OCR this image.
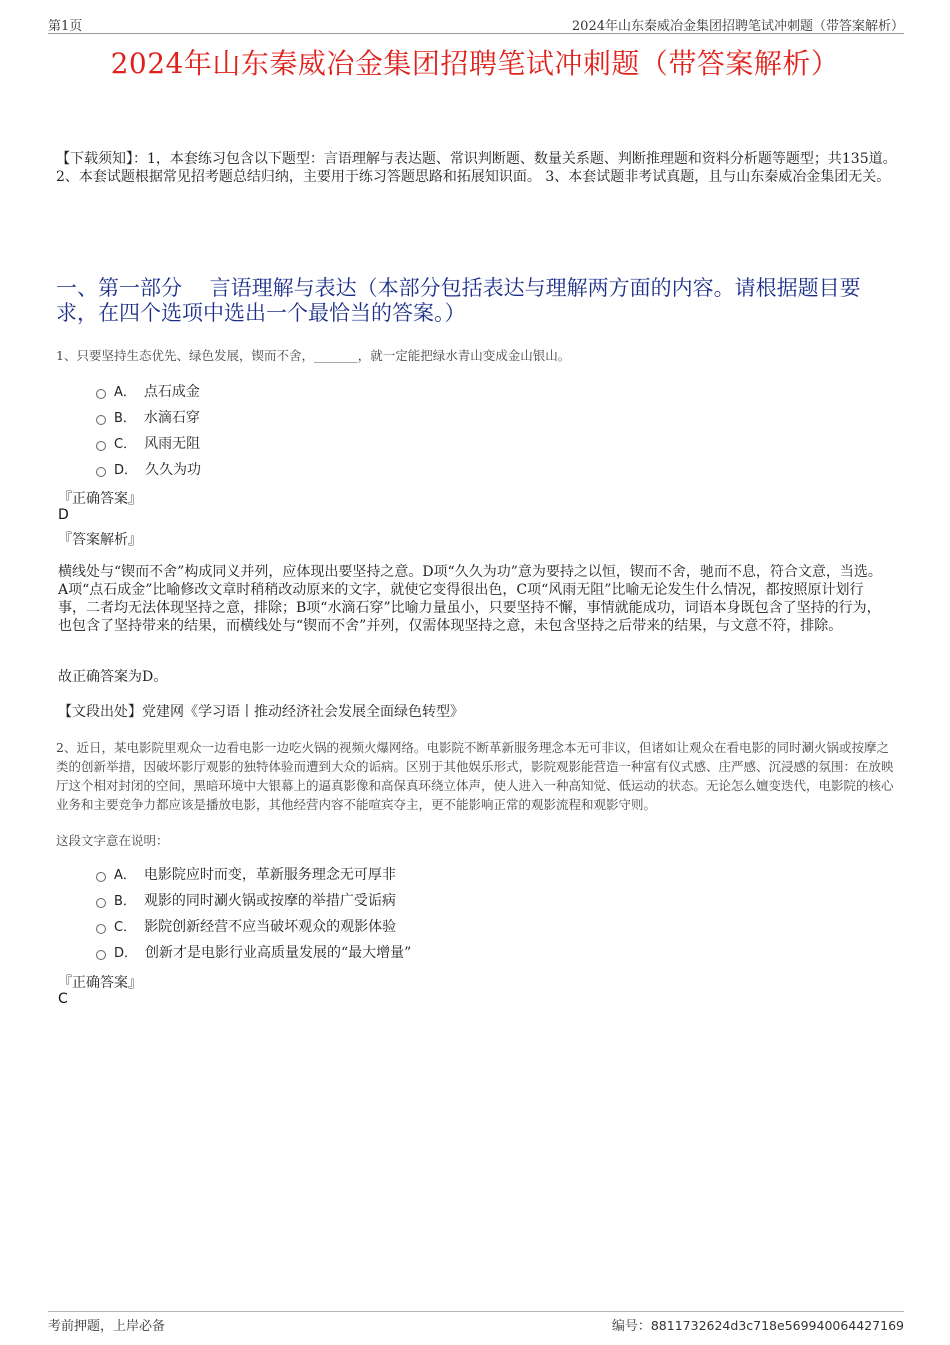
第1页	2024年山东秦威冶金集团招聘笔试冲刺题（带答案解析）
2024年山东秦威冶金集团招聘笔试冲刺题（带答案解析）
【下载须知】：1，本套练习包含以下题型：言语理解与表达题、常识判断题、数量关系题、判断推理题和资料分析题等题型；共135道。 2、本套试题根据常见招考题总结归纳，主要用于练习答题思路和拓展知识面。 3、本套试题非考试真题，且与山东秦威冶金集团无关。
一、第一部分　 言语理解与表达（本部分包括表达与理解两方面的内容。请根据题目要求，在四个选项中选出一个最恰当的答案。）
1、只要坚持生态优先、绿色发展，锲而不舍，_______，就一定能把绿水青山变成金山银山。
A． 点石成金
B． 水滴石穿
C． 风雨无阻
D． 久久为功
『正确答案』
D
『答案解析』
横线处与“锲而不舍”构成同义并列，应体现出要坚持之意。D项“久久为功”意为要持之以恒，锲而不舍，驰而不息，符合文意，当选。A项“点石成金”比喻修改文章时稍稍改动原来的文字，就使它变得很出色，C项“风雨无阻”比喻无论发生什么情况，都按照原计划行事，二者均无法体现坚持之意，排除；B项“水滴石穿”比喻力量虽小，只要坚持不懈，事情就能成功，词语本身既包含了坚持的行为，也包含了坚持带来的结果，而横线处与“锲而不舍”并列，仅需体现坚持之意，未包含坚持之后带来的结果，与文意不符，排除。
故正确答案为D。
【文段出处】党建网《学习语丨推动经济社会发展全面绿色转型》
2、近日，某电影院里观众一边看电影一边吃火锅的视频火爆网络。电影院不断革新服务理念本无可非议，但诸如让观众在看电影的同时涮火锅或按摩之类的创新举措，因破坏影厅观影的独特体验而遭到大众的诟病。区别于其他娱乐形式，影院观影能营造一种富有仪式感、庄严感、沉浸感的氛围：在放映厅这个相对封闭的空间，黑暗环境中大银幕上的逼真影像和高保真环绕立体声，使人进入一种高知觉、低运动的状态。无论怎么嬗变迭代，电影院的核心业务和主要竞争力都应该是播放电影，其他经营内容不能喧宾夺主，更不能影响正常的观影流程和观影守则。
这段文字意在说明：
A． 电影院应时而变，革新服务理念无可厚非
B． 观影的同时涮火锅或按摩的举措广受诟病
C． 影院创新经营不应当破坏观众的观影体验
D． 创新才是电影行业高质量发展的“最大增量”
『正确答案』
C
考前押题，上岸必备	编号：8811732624d3c718e569940064427169
